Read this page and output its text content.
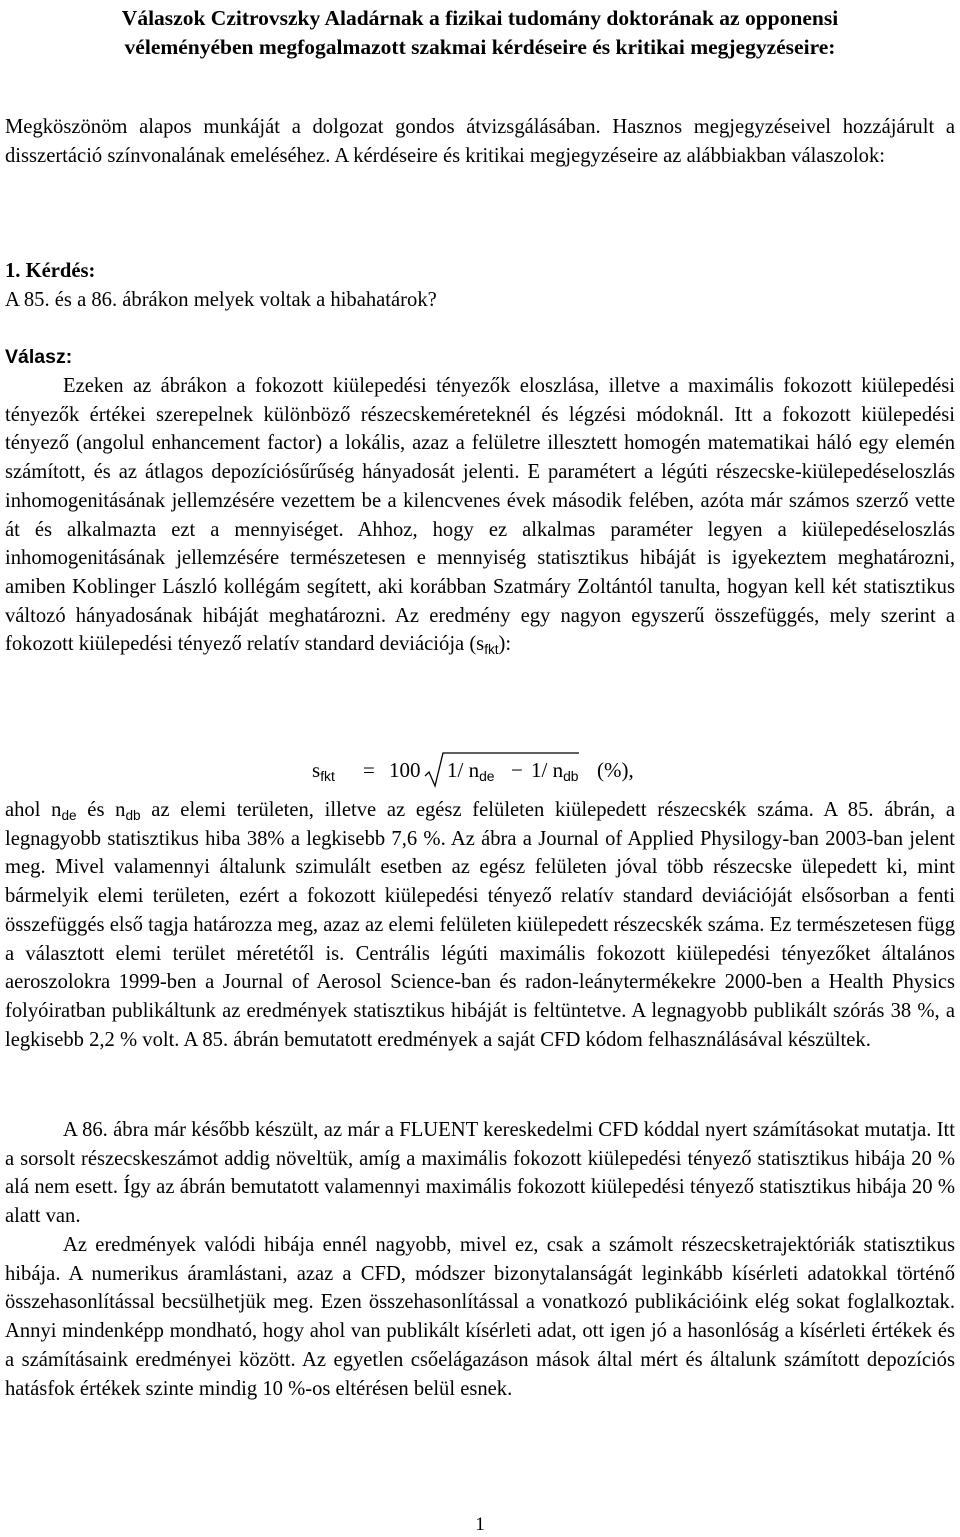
Válaszok Czitrovszky Aladárnak a fizikai tudomány doktorának az opponensi
véleményében megfogalmazott szakmai kérdéseire és kritikai megjegyzéseire:
Megköszönöm alapos munkáját a dolgozat gondos átvizsgálásában. Hasznos megjegyzéseivel hozzájárult a disszertáció színvonalának emeléséhez. A kérdéseire és kritikai megjegyzéseire az alábbiakban válaszolok:
1. Kérdés:
A 85. és a 86. ábrákon melyek voltak a hibahatárok?
Válasz:
Ezeken az ábrákon a fokozott kiülepedési tényezők eloszlása, illetve a maximális fokozott kiülepedési tényezők értékei szerepelnek különböző részecskeméreteknél és légzési módoknál. Itt a fokozott kiülepedési tényező (angolul enhancement factor) a lokális, azaz a felületre illesztett homogén matematikai háló egy elemén számított, és az átlagos depozíciósűrűség hányadosát jelenti. E paramétert a légúti részecske-kiülepedéseloszlás inhomogenitásának jellemzésére vezettem be a kilencvenes évek második felében, azóta már számos szerző vette át és alkalmazta ezt a mennyiséget. Ahhoz, hogy ez alkalmas paraméter legyen a kiülepedéseloszlás inhomogenitásának jellemzésére természetesen e mennyiség statisztikus hibáját is igyekeztem meghatározni, amiben Koblinger László kollégám segített, aki korábban Szatmáry Zoltántól tanulta, hogyan kell két statisztikus változó hányadosának hibáját meghatározni. Az eredmény egy nagyon egyszerű összefüggés, mely szerint a fokozott kiülepedési tényező relatív standard deviációja $(s_{fkt})$:
$s_{fkt} = 100$ 1/ $n_{de} - 1/$ $n_{db}$ (%),
ahol $n_{de}$ és $n_{db}$ az elemi területen, illetve az egész felületen kiülepedett részecskék száma. A 85. ábrán, a legnagyobb statisztikus hiba 38% a legkisebb 7,6 %. Az ábra a Journal of Applied Physilogy-ban 2003-ban jelent meg. Mivel valamennyi általunk szimulált esetben az egész felületen jóval több részecske ülepedett ki, mint bármelyik elemi területen, ezért a fokozott kiülepedési tényező relatív standard deviációját elsősorban a fenti összefüggés első tagja határozza meg, azaz az elemi felületen kiülepedett részecskék száma. Ez természetesen függ a választott elemi terület méretétől is. Centrális légúti maximális fokozott kiülepedési tényezőket általános aeroszolokra 1999-ben a Journal of Aerosol Science-ban és radon-leánytermékekre 2000-ben a Health Physics folyóiratban publikáltunk az eredmények statisztikus hibáját is feltüntetve. A legnagyobb publikált szórás 38 %, a legkisebb 2,2 % volt. A 85. ábrán bemutatott eredmények a saját CFD kódom felhasználásával készültek.
A 86. ábra már később készült, az már a FLUENT kereskedelmi CFD kóddal nyert számításokat mutatja. Itt a sorsolt részecskeszámot addig növeltük, amíg a maximális fokozott kiülepedési tényező statisztikus hibája 20 % alá nem esett. Így az ábrán bemutatott valamennyi maximális fokozott kiülepedési tényező statisztikus hibája 20 % alatt van.
Az eredmények valódi hibája ennél nagyobb, mivel ez, csak a számolt részecsketrajektóriák statisztikus hibája. A numerikus áramlástani, azaz a CFD, módszer bizonytalanságát leginkább kísérleti adatokkal történő összehasonlítással becsülhetjük meg. Ezen összehasonlítással a vonatkozó publikációink elég sokat foglalkoztak. Annyi mindenképp mondható, hogy ahol van publikált kísérleti adat, ott igen jó a hasonlóság a kísérleti értékek és a számításaink eredményei között. Az egyetlen csőelágazáson mások által mért és általunk számított depozíciós hatásfok értékek szinte mindig 10 %-os eltérésen belül esnek.
1
